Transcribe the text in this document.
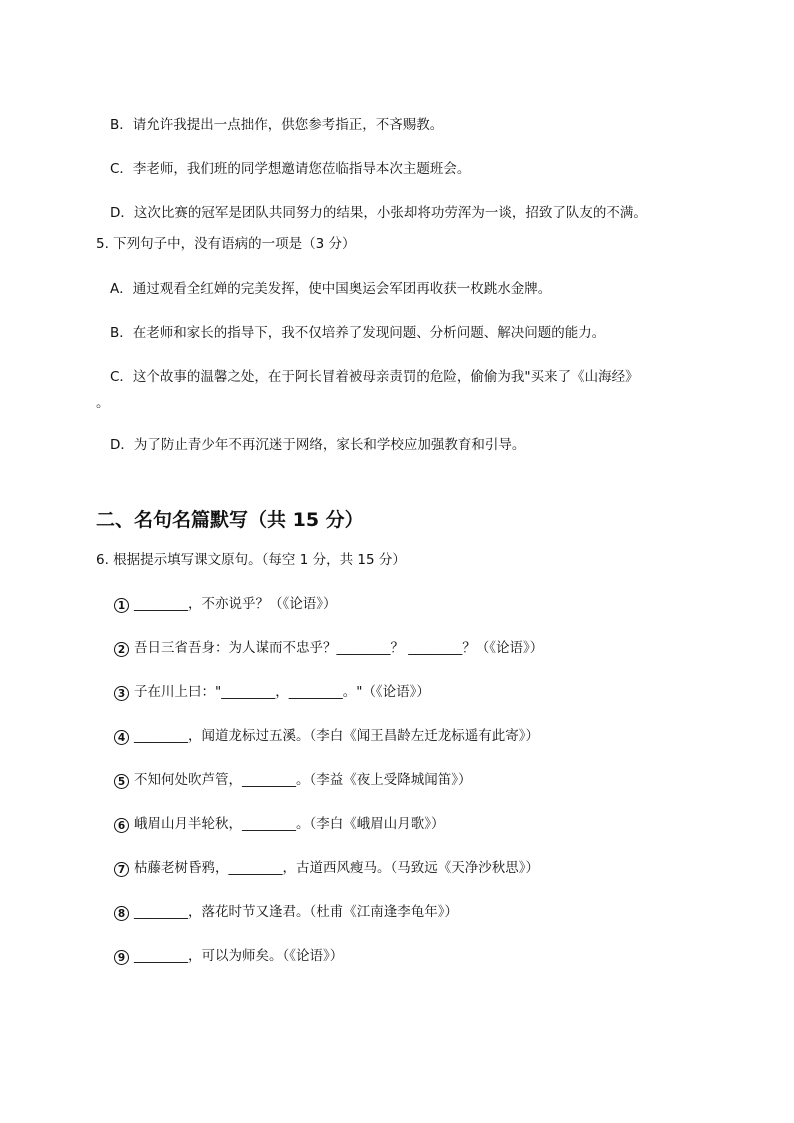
B．请允许我提出一点拙作，供您参考指正，不吝赐教。
C．李老师，我们班的同学想邀请您莅临指导本次主题班会。
D．这次比赛的冠军是团队共同努力的结果，小张却将功劳浑为一谈，招致了队友的不满。
5. 下列句子中，没有语病的一项是（3 分）
A．通过观看全红婵的完美发挥，使中国奥运会军团再收获一枚跳水金牌。
B．在老师和家长的指导下，我不仅培养了发现问题、分析问题、解决问题的能力。
C．这个故事的温馨之处，在于阿长冒着被母亲责罚的危险，偷偷为我"买来了《山海经》
。
D．为了防止青少年不再沉迷于网络，家长和学校应加强教育和引导。
二、名句名篇默写（共 15 分）
6. 根据提示填写课文原句。（每空 1 分，共 15 分）
1 ________，不亦说乎？（《论语》）
2 吾日三省吾身：为人谋而不忠乎？________？ ________？（《论语》）
3 子在川上曰："________，________。"（《论语》）
4 ________，闻道龙标过五溪。（李白《闻王昌龄左迁龙标遥有此寄》）
5 不知何处吹芦管，________。（李益《夜上受降城闻笛》）
6 峨眉山月半轮秋，________。（李白《峨眉山月歌》）
7 枯藤老树昏鸦，________，古道西风瘦马。（马致远《天净沙秋思》）
8 ________，落花时节又逢君。（杜甫《江南逢李龟年》）
9 ________，可以为师矣。（《论语》）
